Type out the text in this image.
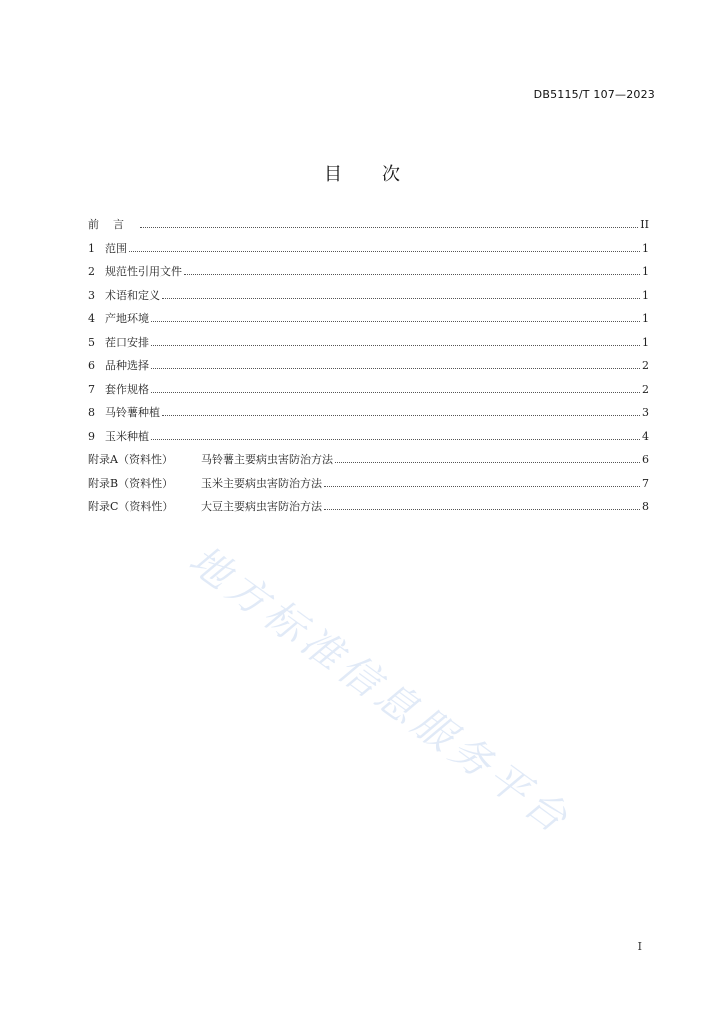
DB5115/T 107—2023
目 次
前言	II
1 范围	1
2 规范性引用文件	1
3 术语和定义	1
4 产地环境	1
5 茬口安排	1
6 品种选择	2
7 套作规格	2
8 马铃薯种植	3
9 玉米种植	4
附录A（资料性）	马铃薯主要病虫害防治方法	6
附录B（资料性）	玉米主要病虫害防治方法	7
附录C（资料性）	大豆主要病虫害防治方法	8
地方标准信息服务平台
I
